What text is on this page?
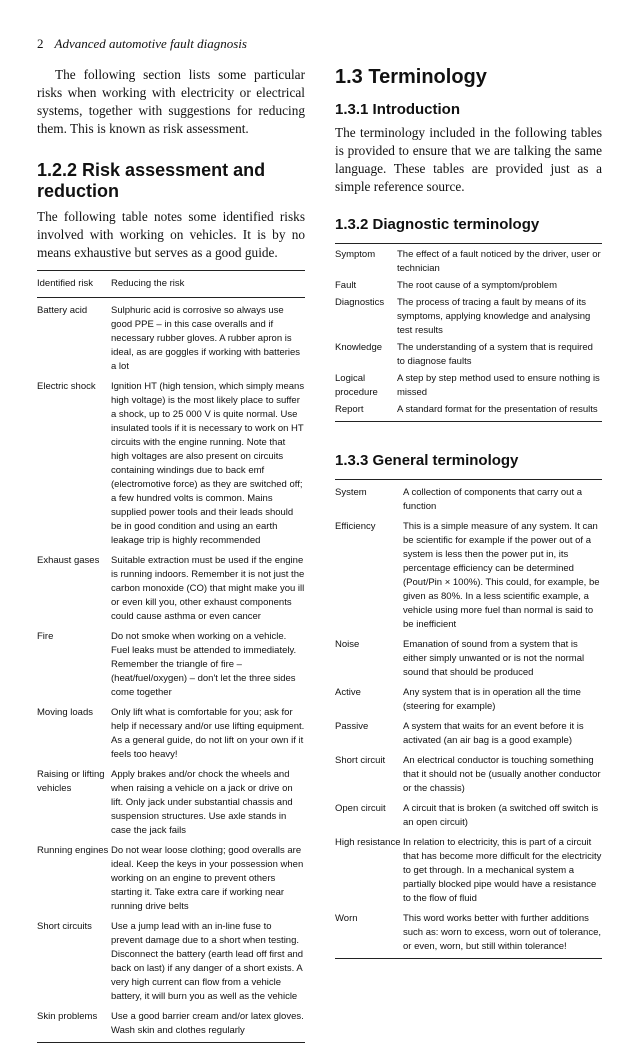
2 Advanced automotive fault diagnosis

The following section lists some particular risks when working with electricity or electrical systems, together with suggestions for reducing them. This is known as risk assessment.

1.2.2 Risk assessment and
reduction

The following table notes some identified risks involved with working on vehicles. It is by no means exhaustive but serves as a good guide.

Identified risk	Reducing the risk
Battery acid	Sulphuric acid is corrosive so always use good PPE – in this case overalls and if necessary rubber gloves. A rubber apron is ideal, as are goggles if working with batteries a lot
Electric shock	Ignition HT (high tension, which simply means high voltage) is the most likely place to suffer a shock, up to 25 000 V is quite normal. Use insulated tools if it is necessary to work on HT circuits with the engine running. Note that high voltages are also present on circuits containing windings due to back emf (electromotive force) as they are switched off; a few hundred volts is common. Mains supplied power tools and their leads should be in good condition and using an earth leakage trip is highly recommended
Exhaust gases	Suitable extraction must be used if the engine is running indoors. Remember it is not just the carbon monoxide (CO) that might make you ill or even kill you, other exhaust components could cause asthma or even cancer
Fire	Do not smoke when working on a vehicle. Fuel leaks must be attended to immediately. Remember the triangle of fire – (heat/fuel/oxygen) – don't let the three sides come together
Moving loads	Only lift what is comfortable for you; ask for help if necessary and/or use lifting equipment. As a general guide, do not lift on your own if it feels too heavy!
Raising or lifting vehicles	Apply brakes and/or chock the wheels and when raising a vehicle on a jack or drive on lift. Only jack under substantial chassis and suspension structures. Use axle stands in case the jack fails
Running engines	Do not wear loose clothing; good overalls are ideal. Keep the keys in your possession when working on an engine to prevent others starting it. Take extra care if working near running drive belts
Short circuits	Use a jump lead with an in-line fuse to prevent damage due to a short when testing. Disconnect the battery (earth lead off first and back on last) if any danger of a short exists. A very high current can flow from a vehicle battery, it will burn you as well as the vehicle
Skin problems	Use a good barrier cream and/or latex gloves. Wash skin and clothes regularly
1.3 Terminology
1.3.1 Introduction

The terminology included in the following tables is provided to ensure that we are talking the same language. These tables are provided just as a simple reference source.

1.3.2 Diagnostic terminology
Symptom	The effect of a fault noticed by the driver, user or technician
Fault	The root cause of a symptom/problem
Diagnostics	The process of tracing a fault by means of its symptoms, applying knowledge and analysing test results
Knowledge	The understanding of a system that is required to diagnose faults
Logical procedure	A step by step method used to ensure nothing is missed
Report	A standard format for the presentation of results
1.3.3 General terminology
System	A collection of components that carry out a function
Efficiency	This is a simple measure of any system. It can be scientific for example if the power out of a system is less then the power put in, its percentage efficiency can be determined (Pout/Pin × 100%). This could, for example, be given as 80%. In a less scientific example, a vehicle using more fuel than normal is said to be inefficient
Noise	Emanation of sound from a system that is either simply unwanted or is not the normal sound that should be produced
Active	Any system that is in operation all the time (steering for example)
Passive	A system that waits for an event before it is activated (an air bag is a good example)
Short circuit	An electrical conductor is touching something that it should not be (usually another conductor or the chassis)
Open circuit	A circuit that is broken (a switched off switch is an open circuit)
High resistance	In relation to electricity, this is part of a circuit that has become more difficult for the electricity to get through. In a mechanical system a partially blocked pipe would have a resistance to the flow of fluid
Worn	This word works better with further additions such as: worn to excess, worn out of tolerance, or even, worn, but still within tolerance!
